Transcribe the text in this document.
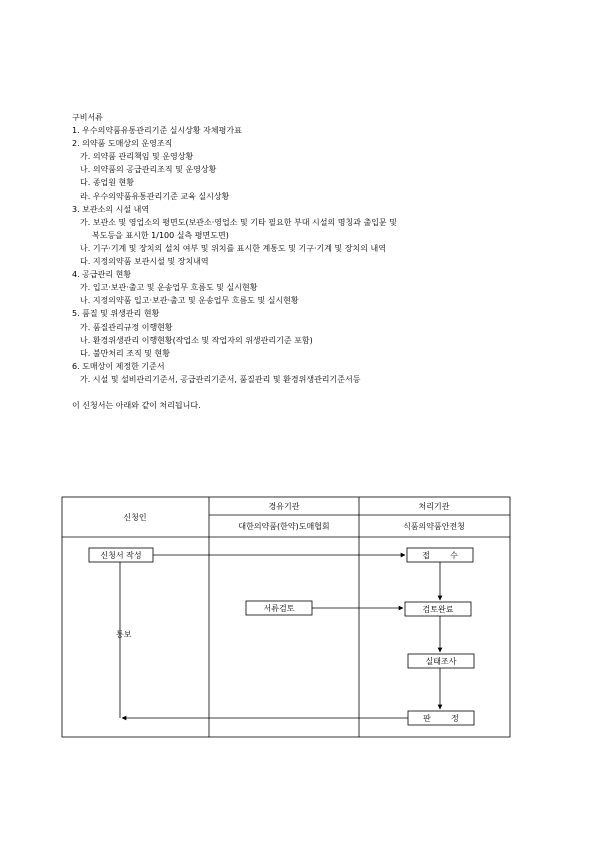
구비서류
1. 우수의약품유통관리기준 실시상황 자체평가표
2. 의약품 도매상의 운영조직
가. 의약품 관리책임 및 운영상황
나. 의약품의 공급관리조직 및 운영상황
다. 종업원 현황
라. 우수의약품유통관리기준 교육 실시상황
3. 보관소의 시설 내역
가. 보관소 및 영업소의 평면도(보관소·영업소 및 기타 필요한 부대 시설의 명칭과 출입문 및
복도등을 표시한 1/100 실측 평면도면)
나. 기구·기계 및 장치의 설치 여부 및 위치를 표시한 계통도 및 기구·기계 및 장치의 내역
다. 지정의약품 보관시설 및 장치내역
4. 공급관리 현황
가. 입고·보관·출고 및 운송업무 흐름도 및 실시현황
나. 지정의약품 입고·보관·출고 및 운송업무 흐름도 및 실시현황
5. 품질 및 위생관리 현황
가. 품질관리규정 이행현황
나. 환경위생관리 이행현황(작업소 및 작업자의 위생관리기준 포함)
다. 불만처리 조직 및 현황
6. 도매상이 제정한 기준서
가. 시설 및 설비관리기준서, 공급관리기준서, 품질관리 및 환경위생관리기준서등
이 신청서는 아래와 같이 처리됩니다.
신청인
경유기관
대한의약품(한약)도매협회
처리기관
식품의약품안전청
신청서 작성	접        수
서류검토	검토완료
실태조사
판        정
통보
